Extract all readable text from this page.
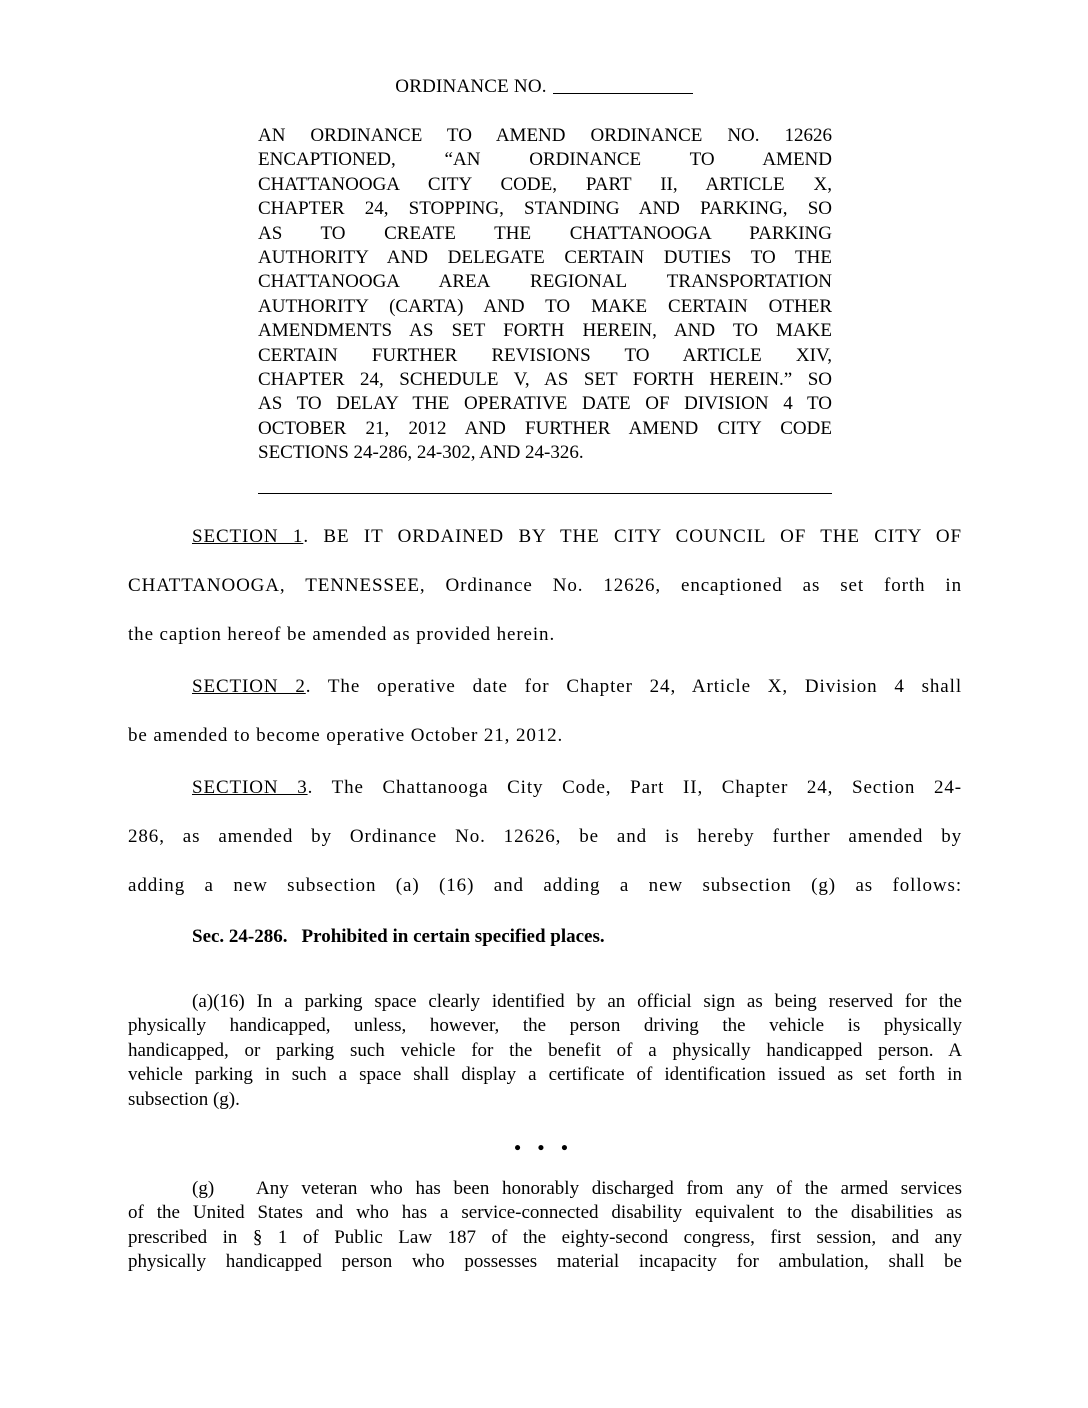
ORDINANCE NO.
AN ORDINANCE TO AMEND ORDINANCE NO. 12626
ENCAPTIONED, “AN ORDINANCE TO AMEND
CHATTANOOGA CITY CODE, PART II, ARTICLE X,
CHAPTER 24, STOPPING, STANDING AND PARKING, SO
AS TO CREATE THE CHATTANOOGA PARKING
AUTHORITY AND DELEGATE CERTAIN DUTIES TO THE
CHATTANOOGA AREA REGIONAL TRANSPORTATION
AUTHORITY (CARTA) AND TO MAKE CERTAIN OTHER
AMENDMENTS AS SET FORTH HEREIN, AND TO MAKE
CERTAIN FURTHER REVISIONS TO ARTICLE XIV,
CHAPTER 24, SCHEDULE V, AS SET FORTH HEREIN.” SO
AS TO DELAY THE OPERATIVE DATE OF DIVISION 4 TO
OCTOBER 21, 2012 AND FURTHER AMEND CITY CODE
SECTIONS 24-286, 24-302, AND 24-326.
SECTION 1. BE IT ORDAINED BY THE CITY COUNCIL OF THE CITY OF
CHATTANOOGA, TENNESSEE, Ordinance No. 12626, encaptioned as set forth in
the caption hereof be amended as provided herein.
SECTION 2. The operative date for Chapter 24, Article X, Division 4 shall
be amended to become operative October 21, 2012.
SECTION 3. The Chattanooga City Code, Part II, Chapter 24, Section 24-
286, as amended by Ordinance No. 12626, be and is hereby further amended by
adding a new subsection (a) (16) and adding a new subsection (g) as follows:
Sec. 24-286. Prohibited in certain specified places.
(a)(16) In a parking space clearly identified by an official sign as being reserved for the
physically handicapped, unless, however, the person driving the vehicle is physically
handicapped, or parking such vehicle for the benefit of a physically handicapped person. A
vehicle parking in such a space shall display a certificate of identification issued as set forth in
subsection (g).
• • •
(g) Any veteran who has been honorably discharged from any of the armed services
of the United States and who has a service-connected disability equivalent to the disabilities as
prescribed in § 1 of Public Law 187 of the eighty-second congress, first session, and any
physically handicapped person who possesses material incapacity for ambulation, shall be
